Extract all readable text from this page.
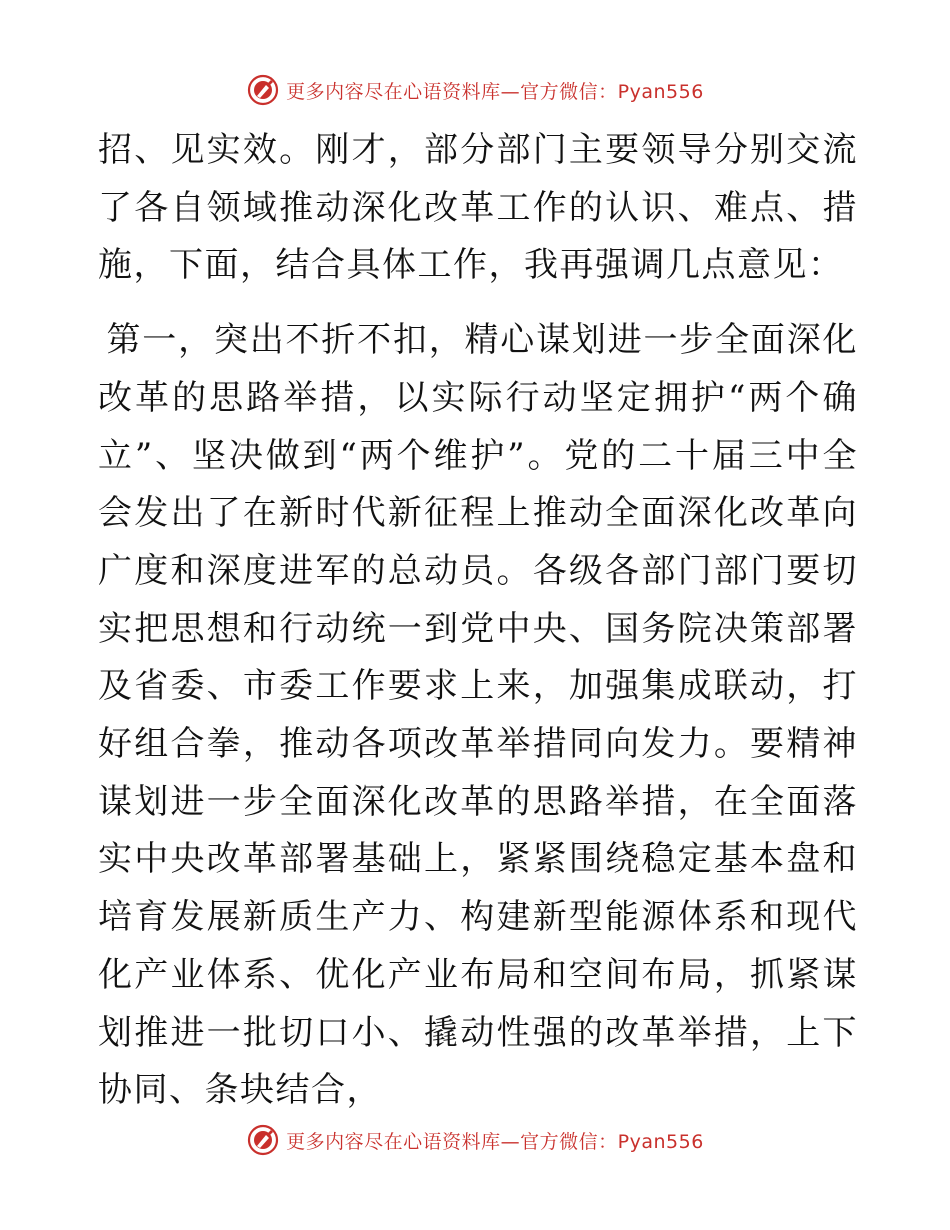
更多内容尽在心语资料库—官方微信：Pyan556

招、见实效。刚才，部分部门主要领导分别交流了各自领域推动深化改革工作的认识、难点、措施，下面，结合具体工作，我再强调几点意见：

第一，突出不折不扣，精心谋划进一步全面深化改革的思路举措，以实际行动坚定拥护“两个确立”、坚决做到“两个维护”。党的二十届三中全会发出了在新时代新征程上推动全面深化改革向广度和深度进军的总动员。各级各部门部门要切实把思想和行动统一到党中央、国务院决策部署及省委、市委工作要求上来，加强集成联动，打好组合拳，推动各项改革举措同向发力。要精神谋划进一步全面深化改革的思路举措，在全面落实中央改革部署基础上，紧紧围绕稳定基本盘和培育发展新质生产力、构建新型能源体系和现代化产业体系、优化产业布局和空间布局，抓紧谋划推进一批切口小、撬动性强的改革举措，上下协同、条块结合，

更多内容尽在心语资料库—官方微信：Pyan556
